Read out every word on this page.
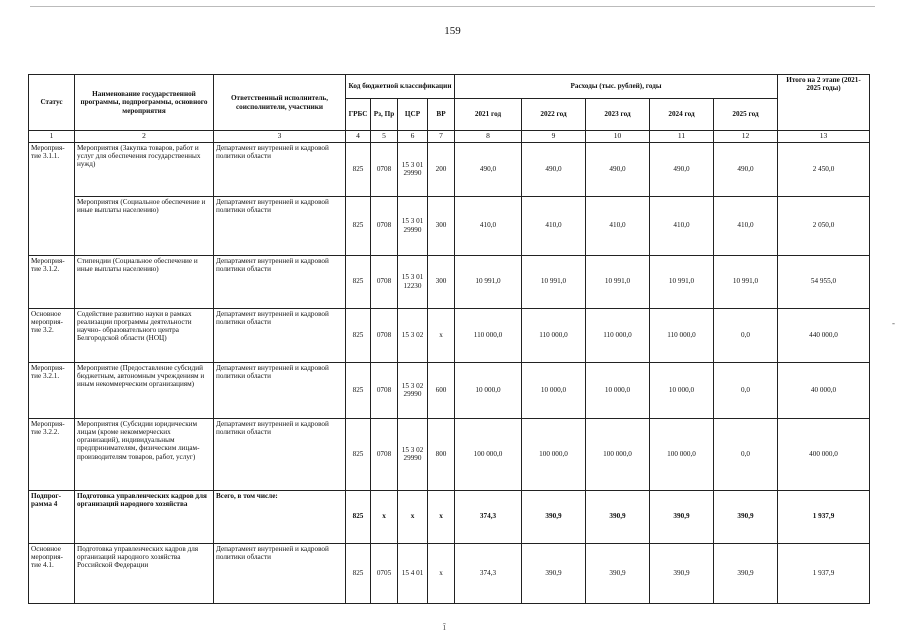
159
Статус	Наименование государственной программы, подпрограммы, основного мероприятия	Ответственный исполнитель, соисполнители, участники	Код бюджетной классификации				Расходы (тыс. рублей), годы					Итого на 2 этапе (2021-2025 годы)
			ГРБС	Рз, Пр	ЦСР	ВР	2021 год	2022 год	2023 год	2024 год	2025 год	
1	2	3	4	5	6	7	8	9	10	11	12	13
Мероприя-тие 3.1.1.	Мероприятия (Закупка товаров, работ и услуг для обеспечения государственных нужд)	Департамент внутренней и кадровой политики области	825	0708	15 3 01 29990	200	490,0	490,0	490,0	490,0	490,0	2 450,0
	Мероприятия (Социальное обеспечение и иные выплаты населению)	Департамент внутренней и кадровой политики области	825	0708	15 3 01 29990	300	410,0	410,0	410,0	410,0	410,0	2 050,0
Мероприя-тие 3.1.2.	Стипендии (Социальное обеспечение и иные выплаты населению)	Департамент внутренней и кадровой политики области	825	0708	15 3 01 12230	300	10 991,0	10 991,0	10 991,0	10 991,0	10 991,0	54 955,0
Основное мероприя-тие 3.2.	Содействие развитию науки в рамках реализации программы деятельности научно- образовательного центра Белгородской области (НОЦ)	Департамент внутренней и кадровой политики области	825	0708	15 3 02	х	110 000,0	110 000,0	110 000,0	110 000,0	0,0	440 000,0
Мероприя-тие 3.2.1.	Мероприятие (Предоставление субсидий бюджетным, автономным учреждениям и иным некоммерческим организациям)	Департамент внутренней и кадровой политики области	825	0708	15 3 02 29990	600	10 000,0	10 000,0	10 000,0	10 000,0	0,0	40 000,0
Мероприя-тие 3.2.2.	Мероприятия (Субсидии юридическим лицам (кроме некоммерческих организаций), индивидуальным предпринимателям, физическим лицам-производителям товаров, работ, услуг)	Департамент внутренней и кадровой политики области	825	0708	15 3 02 29990	800	100 000,0	100 000,0	100 000,0	100 000,0	0,0	400 000,0
Подпрог-рамма 4	Подготовка управленческих кадров для организаций народного хозяйства	Всего, в том числе:	825	х	х	х	374,3	390,9	390,9	390,9	390,9	1 937,9
Основное мероприя-тие 4.1.	Подготовка управленческих кадров для организаций народного хозяйства Российской Федерации	Департамент внутренней и кадровой политики области	825	0705	15 4 01	х	374,3	390,9	390,9	390,9	390,9	1 937,9
-
î
